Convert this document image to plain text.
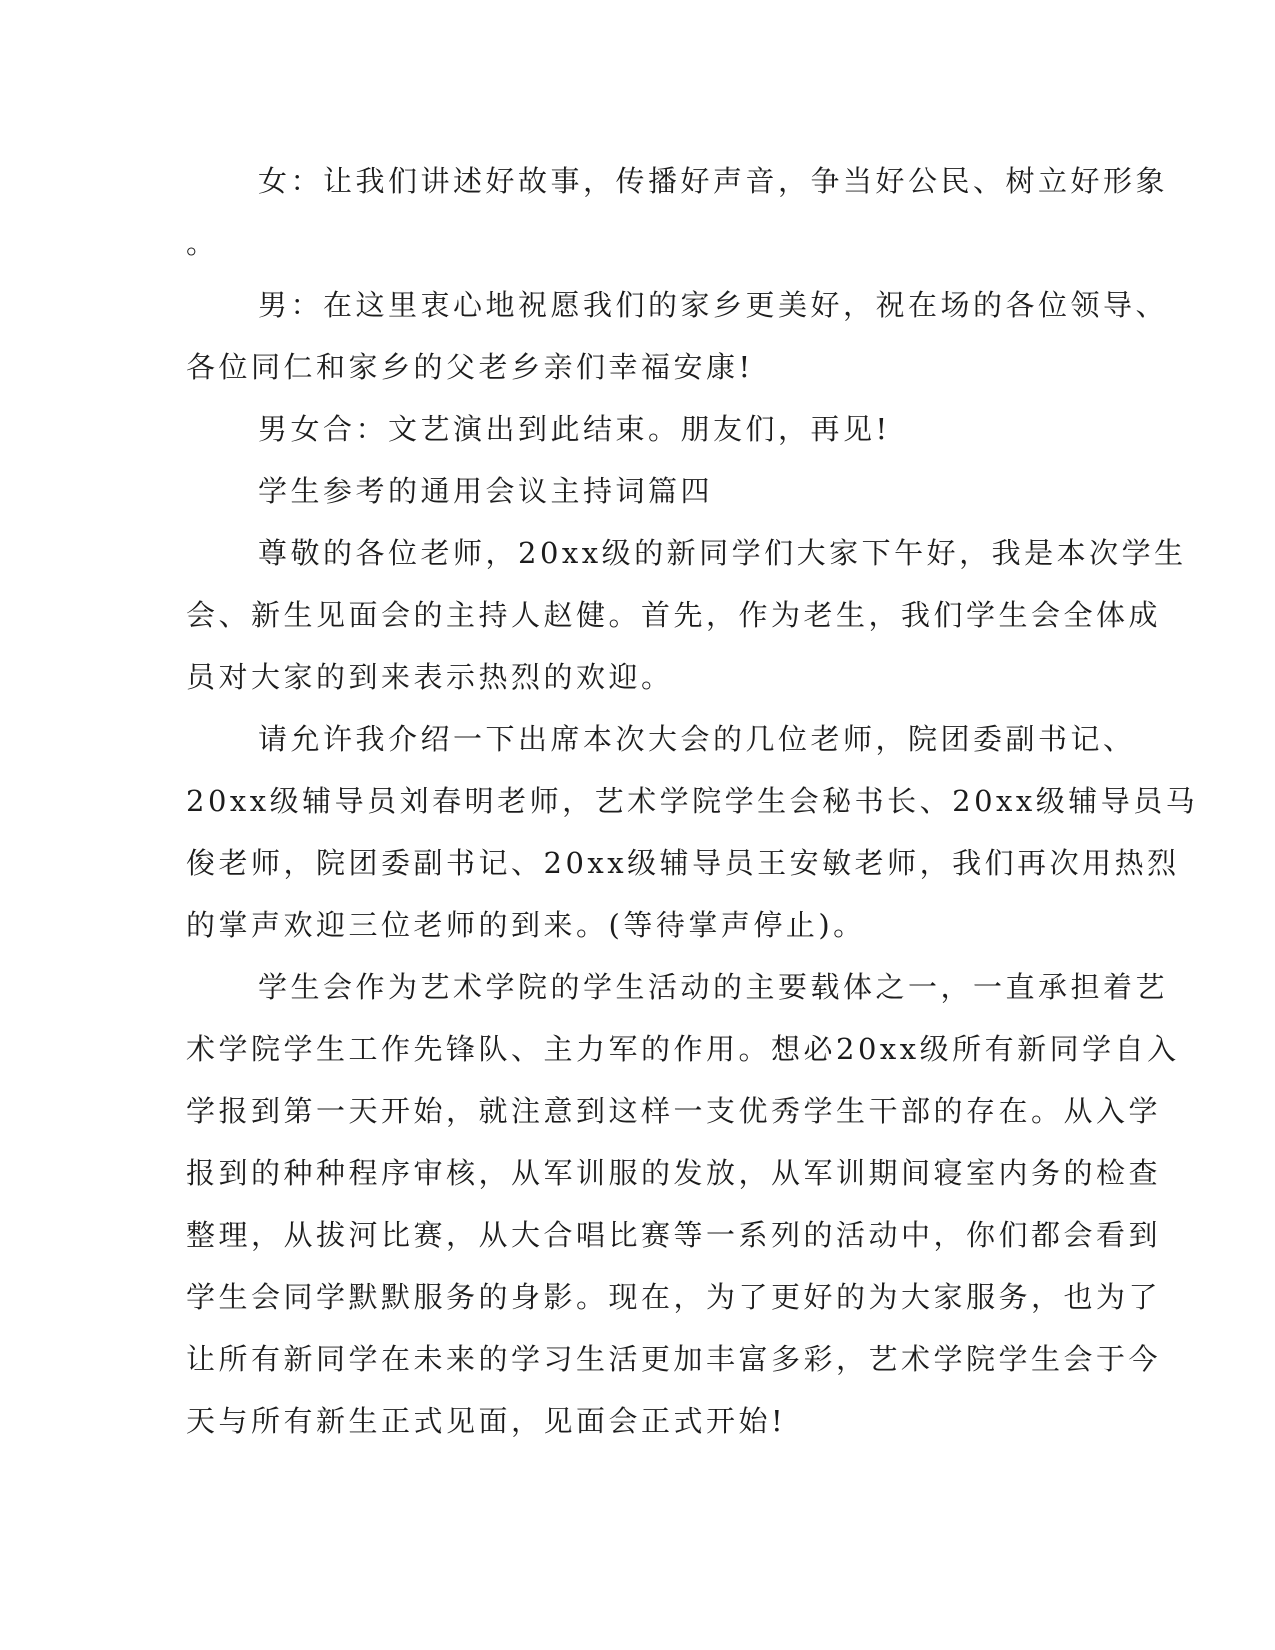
女：让我们讲述好故事，传播好声音，争当好公民、树立好形象
。
男：在这里衷心地祝愿我们的家乡更美好，祝在场的各位领导、
各位同仁和家乡的父老乡亲们幸福安康!
男女合：文艺演出到此结束。朋友们，再见!
学生参考的通用会议主持词篇四
尊敬的各位老师，20xx级的新同学们大家下午好，我是本次学生
会、新生见面会的主持人赵健。首先，作为老生，我们学生会全体成
员对大家的到来表示热烈的欢迎。
请允许我介绍一下出席本次大会的几位老师，院团委副书记、
20xx级辅导员刘春明老师，艺术学院学生会秘书长、20xx级辅导员马
俊老师，院团委副书记、20xx级辅导员王安敏老师，我们再次用热烈
的掌声欢迎三位老师的到来。(等待掌声停止)。
学生会作为艺术学院的学生活动的主要载体之一，一直承担着艺
术学院学生工作先锋队、主力军的作用。想必20xx级所有新同学自入
学报到第一天开始，就注意到这样一支优秀学生干部的存在。从入学
报到的种种程序审核，从军训服的发放，从军训期间寝室内务的检查
整理，从拔河比赛，从大合唱比赛等一系列的活动中，你们都会看到
学生会同学默默服务的身影。现在，为了更好的为大家服务，也为了
让所有新同学在未来的学习生活更加丰富多彩，艺术学院学生会于今
天与所有新生正式见面，见面会正式开始!
